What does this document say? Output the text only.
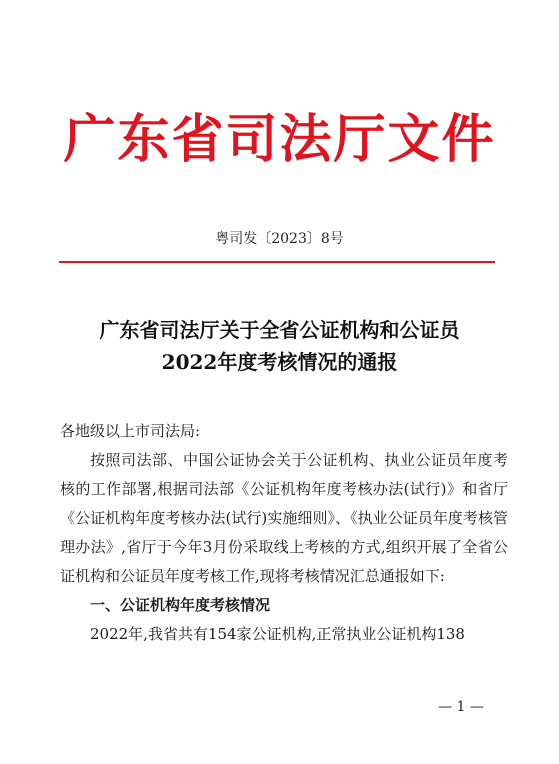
广东省司法厅文件
粤司发〔2023〕8号
广东省司法厅关于全省公证机构和公证员
2022年度考核情况的通报

各地级以上市司法局:

按照司法部、中国公证协会关于公证机构、执业公证员年度考核的工作部署,根据司法部《公证机构年度考核办法(试行)》和省厅《公证机构年度考核办法(试行)实施细则》、《执业公证员年度考核管理办法》,省厅于今年3月份采取线上考核的方式,组织开展了全省公证机构和公证员年度考核工作,现将考核情况汇总通报如下:

一、公证机构年度考核情况

2022年,我省共有154家公证机构,正常执业公证机构138

— 1 —
